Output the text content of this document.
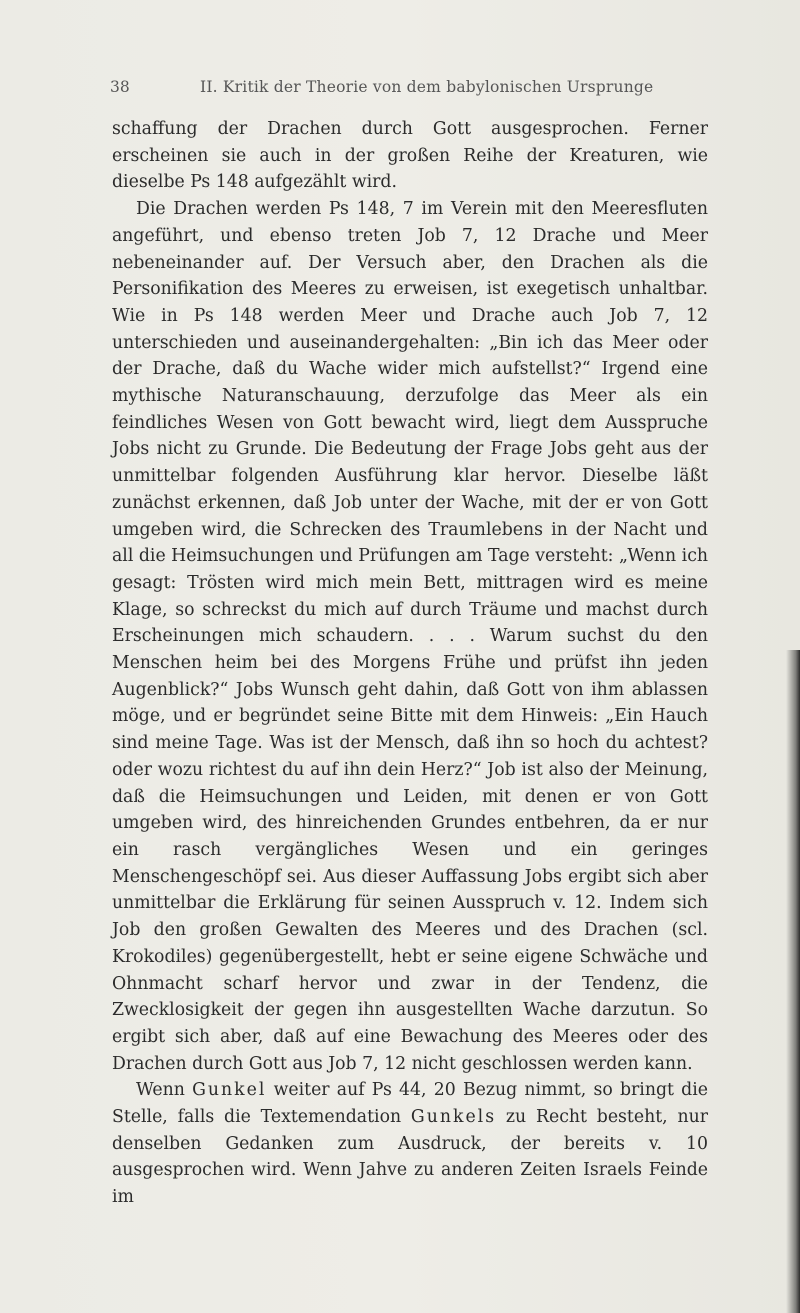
38	II. Kritik der Theorie von dem babylonischen Ursprunge

schaffung der Drachen durch Gott ausgesprochen. Ferner erscheinen sie auch in der großen Reihe der Kreaturen, wie dieselbe Ps 148 aufgezählt wird.

Die Drachen werden Ps 148, 7 im Verein mit den Meeresfluten angeführt, und ebenso treten Job 7, 12 Drache und Meer nebeneinander auf. Der Versuch aber, den Drachen als die Personifikation des Meeres zu erweisen, ist exegetisch unhaltbar. Wie in Ps 148 werden Meer und Drache auch Job 7, 12 unterschieden und auseinandergehalten: „Bin ich das Meer oder der Drache, daß du Wache wider mich aufstellst?“ Irgend eine mythische Naturanschauung, derzufolge das Meer als ein feindliches Wesen von Gott bewacht wird, liegt dem Ausspruche Jobs nicht zu Grunde. Die Bedeutung der Frage Jobs geht aus der unmittelbar folgenden Ausführung klar hervor. Dieselbe läßt zunächst erkennen, daß Job unter der Wache, mit der er von Gott umgeben wird, die Schrecken des Traumlebens in der Nacht und all die Heimsuchungen und Prüfungen am Tage versteht: „Wenn ich gesagt: Trösten wird mich mein Bett, mittragen wird es meine Klage, so schreckst du mich auf durch Träume und machst durch Erscheinungen mich schaudern. . . . Warum suchst du den Menschen heim bei des Morgens Frühe und prüfst ihn jeden Augenblick?“ Jobs Wunsch geht dahin, daß Gott von ihm ablassen möge, und er begründet seine Bitte mit dem Hinweis: „Ein Hauch sind meine Tage. Was ist der Mensch, daß ihn so hoch du achtest? oder wozu richtest du auf ihn dein Herz?“ Job ist also der Meinung, daß die Heimsuchungen und Leiden, mit denen er von Gott umgeben wird, des hinreichenden Grundes entbehren, da er nur ein rasch vergängliches Wesen und ein geringes Menschengeschöpf sei. Aus dieser Auffassung Jobs ergibt sich aber unmittelbar die Erklärung für seinen Ausspruch v. 12. Indem sich Job den großen Gewalten des Meeres und des Drachen (scl. Krokodiles) gegenübergestellt, hebt er seine eigene Schwäche und Ohnmacht scharf hervor und zwar in der Tendenz, die Zwecklosigkeit der gegen ihn ausgestellten Wache darzutun. So ergibt sich aber, daß auf eine Bewachung des Meeres oder des Drachen durch Gott aus Job 7, 12 nicht geschlossen werden kann.

Wenn Gunkel weiter auf Ps 44, 20 Bezug nimmt, so bringt die Stelle, falls die Textemendation Gunkels zu Recht besteht, nur denselben Gedanken zum Ausdruck, der bereits v. 10 ausgesprochen wird. Wenn Jahve zu anderen Zeiten Israels Feinde im
